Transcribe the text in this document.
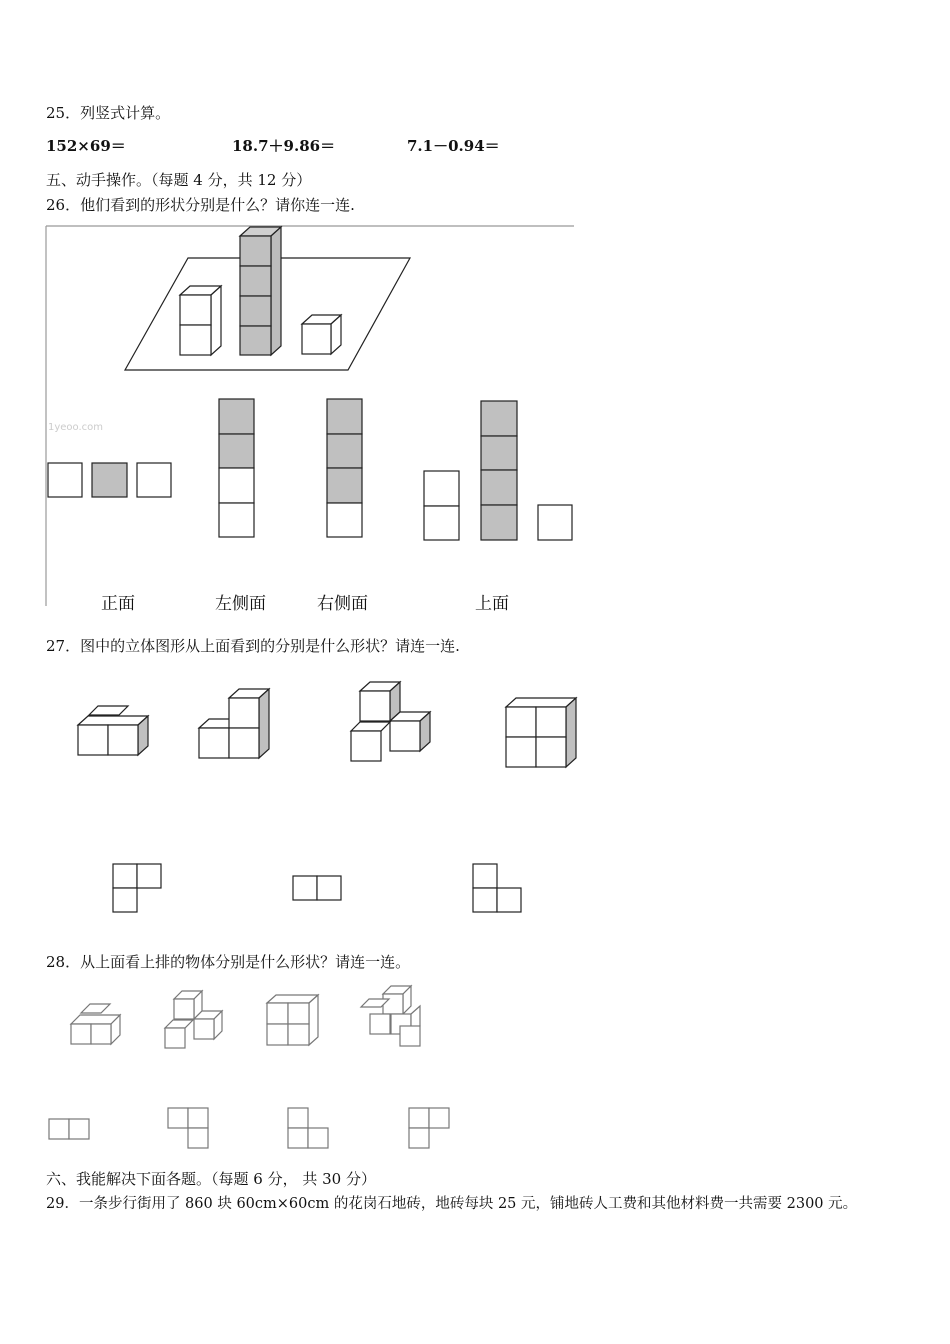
25．列竖式计算。
152×69＝	18.7＋9.86＝	7.1－0.94＝
五、动手操作。（每题 4 分，共 12 分）
26．他们看到的形状分别是什么？请你连一连.
1yeoo.com
正面	左侧面	右侧面	上面
27．图中的立体图形从上面看到的分别是什么形状？请连一连.
28．从上面看上排的物体分别是什么形状？请连一连。
六、我能解决下面各题。（每题 6 分， 共 30 分）
29．一条步行街用了 860 块 60cm×60cm 的花岗石地砖，地砖每块 25 元，铺地砖人工费和其他材料费一共需要 2300 元。
